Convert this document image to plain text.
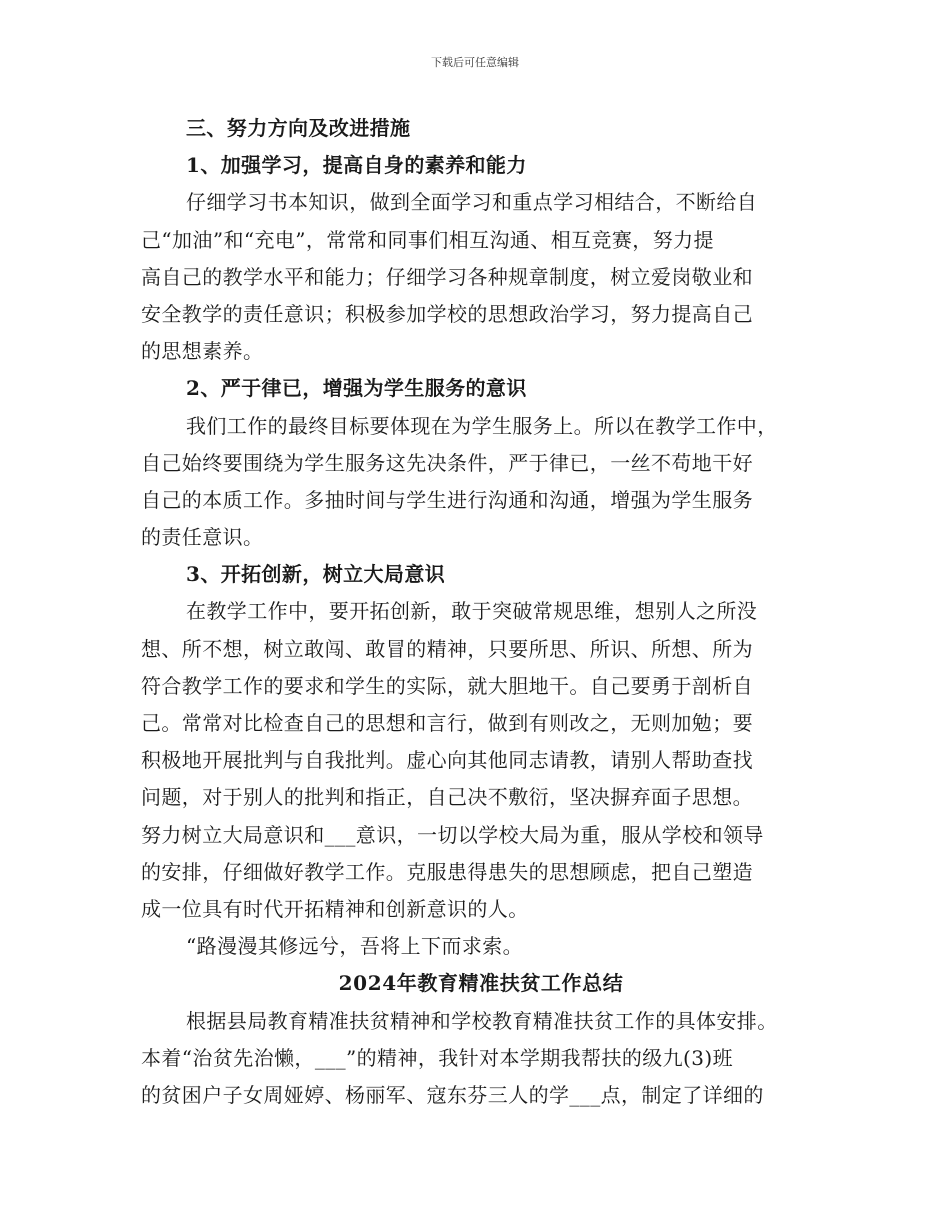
下载后可任意编辑
三、努力方向及改进措施
1、加强学习，提高自身的素养和能力
仔细学习书本知识，做到全面学习和重点学习相结合，不断给自
己“加油”和“充电”，常常和同事们相互沟通、相互竞赛，努力提
高自己的教学水平和能力；仔细学习各种规章制度，树立爱岗敬业和
安全教学的责任意识；积极参加学校的思想政治学习，努力提高自己
的思想素养。
2、严于律已，增强为学生服务的意识
我们工作的最终目标要体现在为学生服务上。所以在教学工作中，
自己始终要围绕为学生服务这先决条件，严于律已，一丝不苟地干好
自己的本质工作。多抽时间与学生进行沟通和沟通，增强为学生服务
的责任意识。
3、开拓创新，树立大局意识
在教学工作中，要开拓创新，敢于突破常规思维，想别人之所没
想、所不想，树立敢闯、敢冒的精神，只要所思、所识、所想、所为
符合教学工作的要求和学生的实际，就大胆地干。自己要勇于剖析自
己。常常对比检查自己的思想和言行，做到有则改之，无则加勉；要
积极地开展批判与自我批判。虚心向其他同志请教，请别人帮助查找
问题，对于别人的批判和指正，自己决不敷衍，坚决摒弃面子思想。
努力树立大局意识和___意识，一切以学校大局为重，服从学校和领导
的安排，仔细做好教学工作。克服患得患失的思想顾虑，把自己塑造
成一位具有时代开拓精神和创新意识的人。
“路漫漫其修远兮，吾将上下而求索。
2024年教育精准扶贫工作总结
根据县局教育精准扶贫精神和学校教育精准扶贫工作的具体安排。
本着“治贫先治懒，___”的精神，我针对本学期我帮扶的级九(3)班
的贫困户子女周娅婷、杨丽军、寇东芬三人的学___点，制定了详细的
